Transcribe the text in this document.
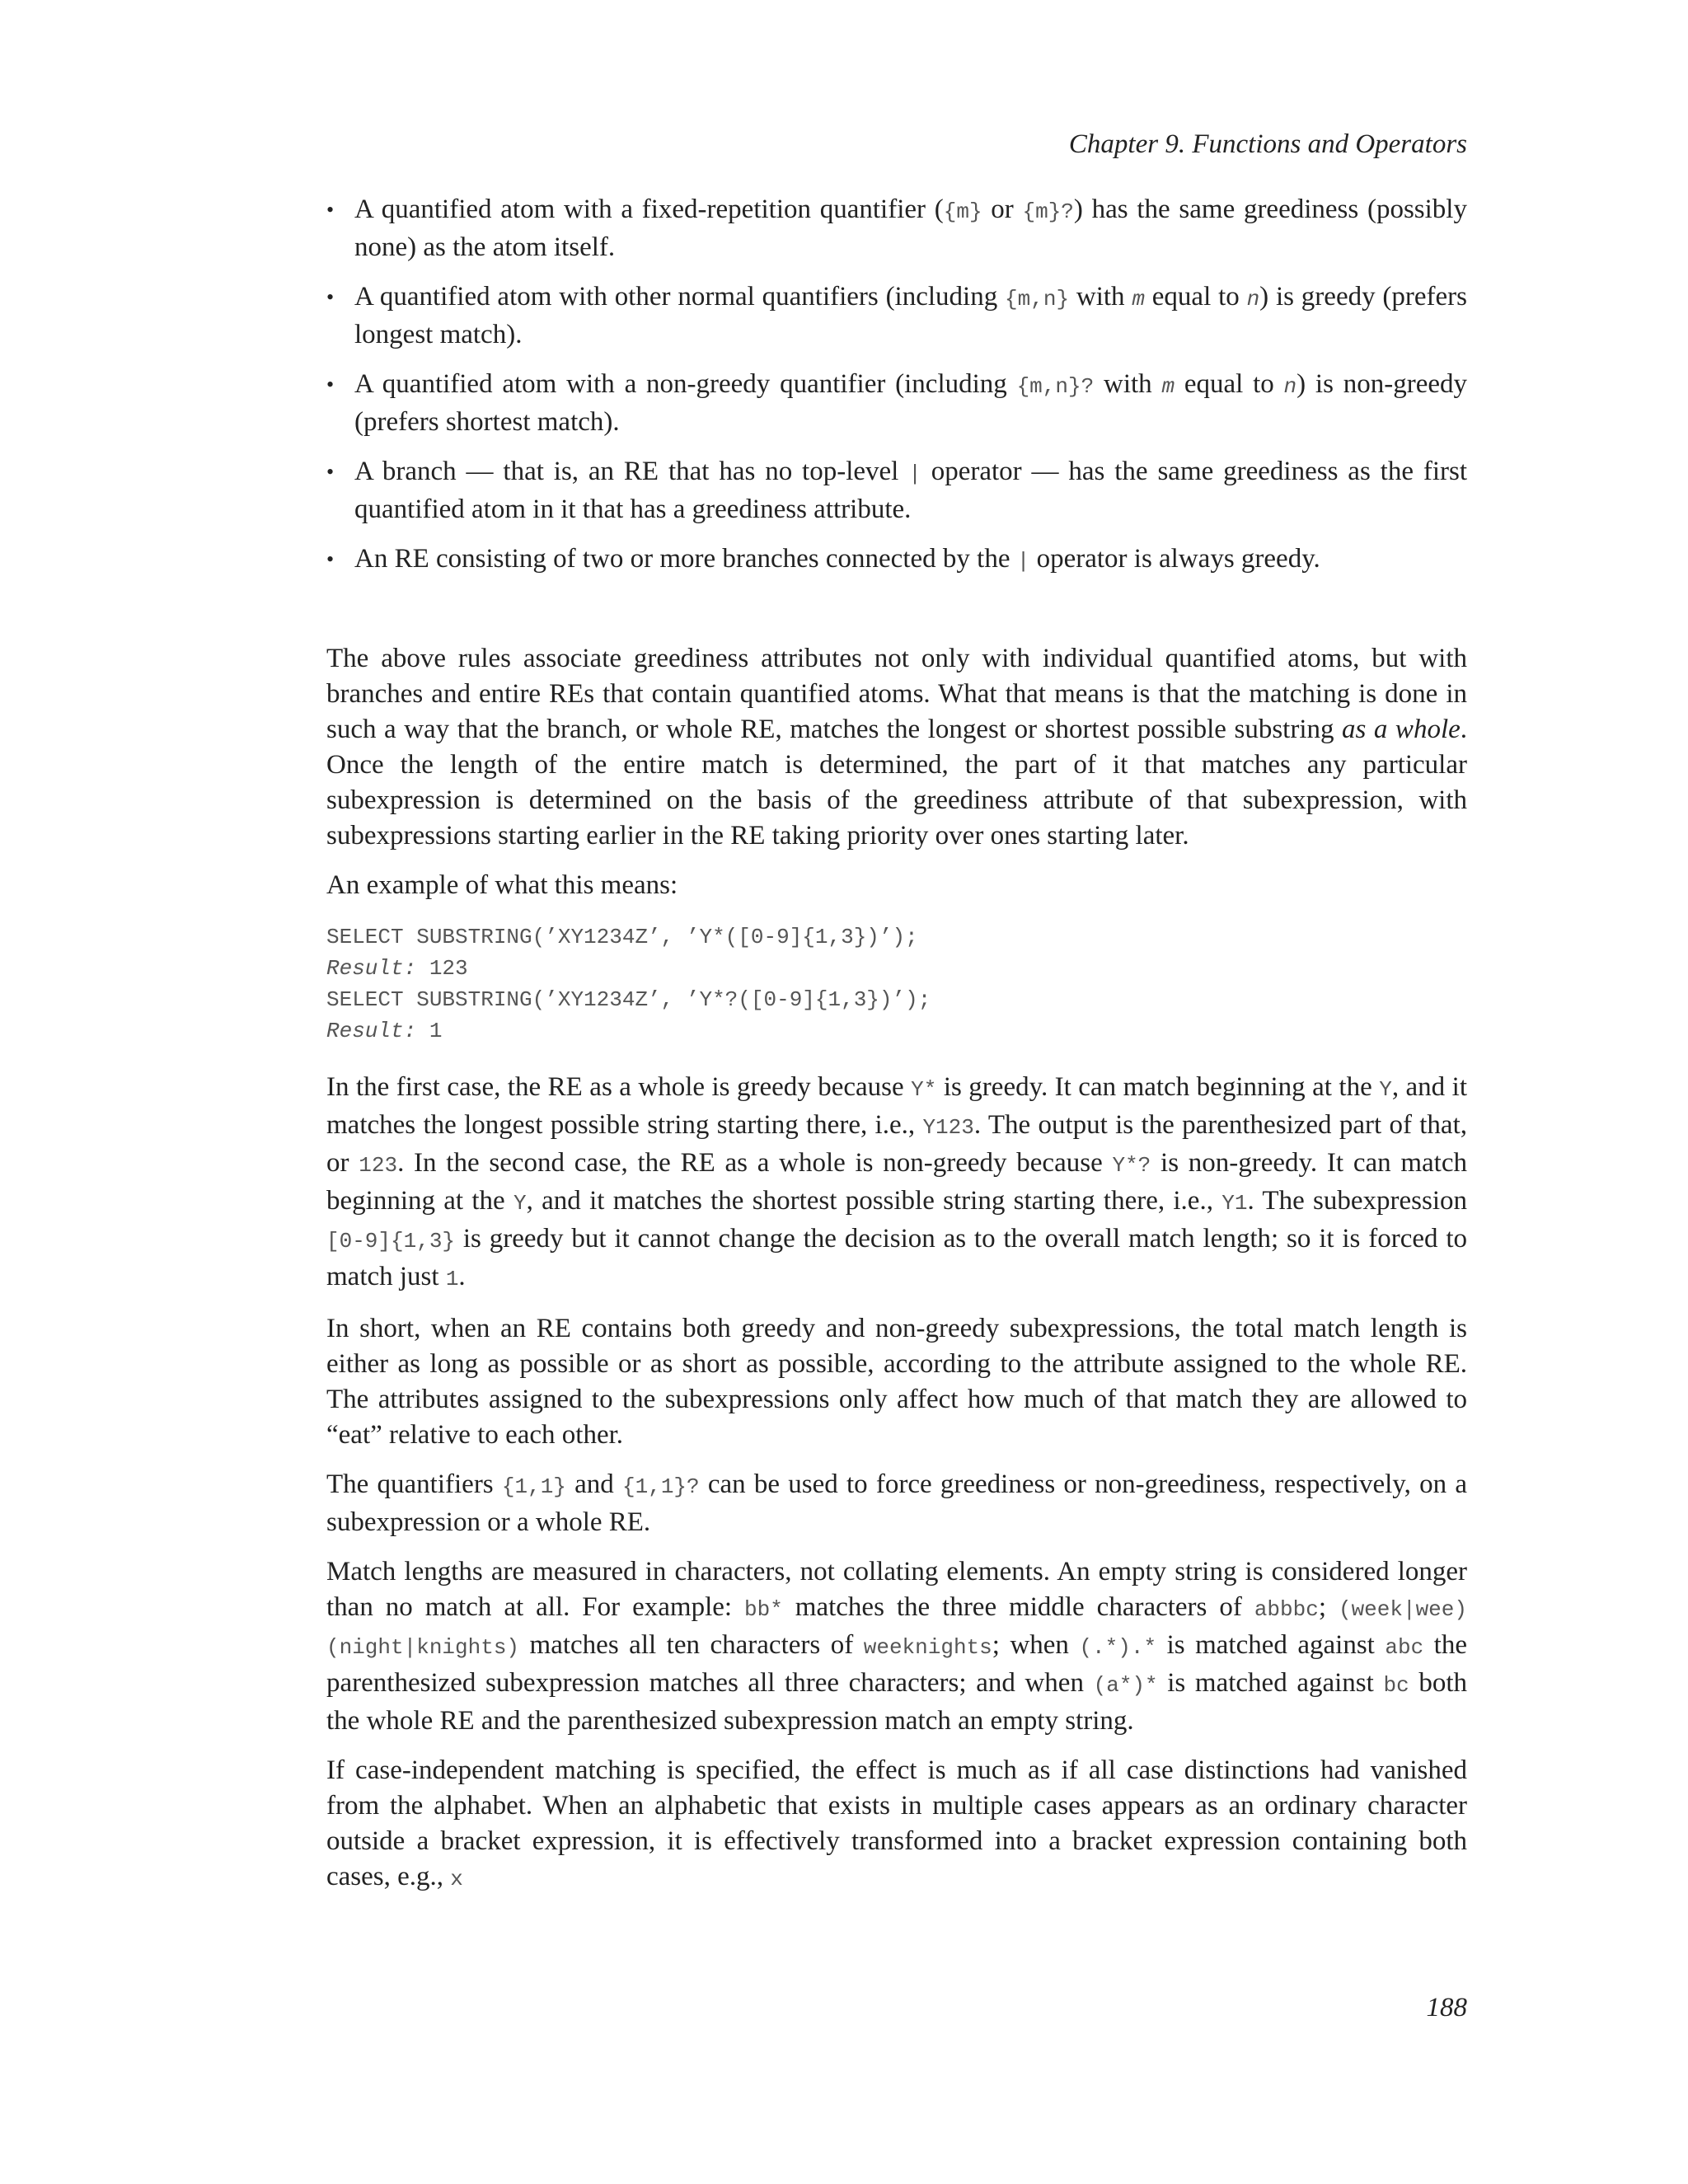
Chapter 9. Functions and Operators
• A quantified atom with a fixed-repetition quantifier ({m} or {m}?) has the same greediness (possibly none) as the atom itself.
• A quantified atom with other normal quantifiers (including {m,n} with m equal to n) is greedy (prefers longest match).
• A quantified atom with a non-greedy quantifier (including {m,n}? with m equal to n) is non-greedy (prefers shortest match).
• A branch — that is, an RE that has no top-level | operator — has the same greediness as the first quantified atom in it that has a greediness attribute.
• An RE consisting of two or more branches connected by the | operator is always greedy.

The above rules associate greediness attributes not only with individual quantified atoms, but with branches and entire REs that contain quantified atoms. What that means is that the matching is done in such a way that the branch, or whole RE, matches the longest or shortest possible substring as a whole. Once the length of the entire match is determined, the part of it that matches any particular subexpression is determined on the basis of the greediness attribute of that subexpression, with subexpressions starting earlier in the RE taking priority over ones starting later.

An example of what this means:

SELECT SUBSTRING(’XY1234Z’, ’Y*([0-9]{1,3})’);
Result: 123
SELECT SUBSTRING(’XY1234Z’, ’Y*?([0-9]{1,3})’);
Result: 1

In the first case, the RE as a whole is greedy because Y* is greedy. It can match beginning at the Y, and it matches the longest possible string starting there, i.e., Y123. The output is the parenthesized part of that, or 123. In the second case, the RE as a whole is non-greedy because Y*? is non-greedy. It can match beginning at the Y, and it matches the shortest possible string starting there, i.e., Y1. The subexpression [0-9]{1,3} is greedy but it cannot change the decision as to the overall match length; so it is forced to match just 1.

In short, when an RE contains both greedy and non-greedy subexpressions, the total match length is either as long as possible or as short as possible, according to the attribute assigned to the whole RE. The attributes assigned to the subexpressions only affect how much of that match they are allowed to “eat” relative to each other.

The quantifiers {1,1} and {1,1}? can be used to force greediness or non-greediness, respectively, on a subexpression or a whole RE.

Match lengths are measured in characters, not collating elements. An empty string is considered longer than no match at all. For example: bb* matches the three middle characters of abbbc; (week|wee)(night|knights) matches all ten characters of weeknights; when (.*).* is matched against abc the parenthesized subexpression matches all three characters; and when (a*)* is matched against bc both the whole RE and the parenthesized subexpression match an empty string.

If case-independent matching is specified, the effect is much as if all case distinctions had vanished from the alphabet. When an alphabetic that exists in multiple cases appears as an ordinary character outside a bracket expression, it is effectively transformed into a bracket expression containing both cases, e.g., x

188
